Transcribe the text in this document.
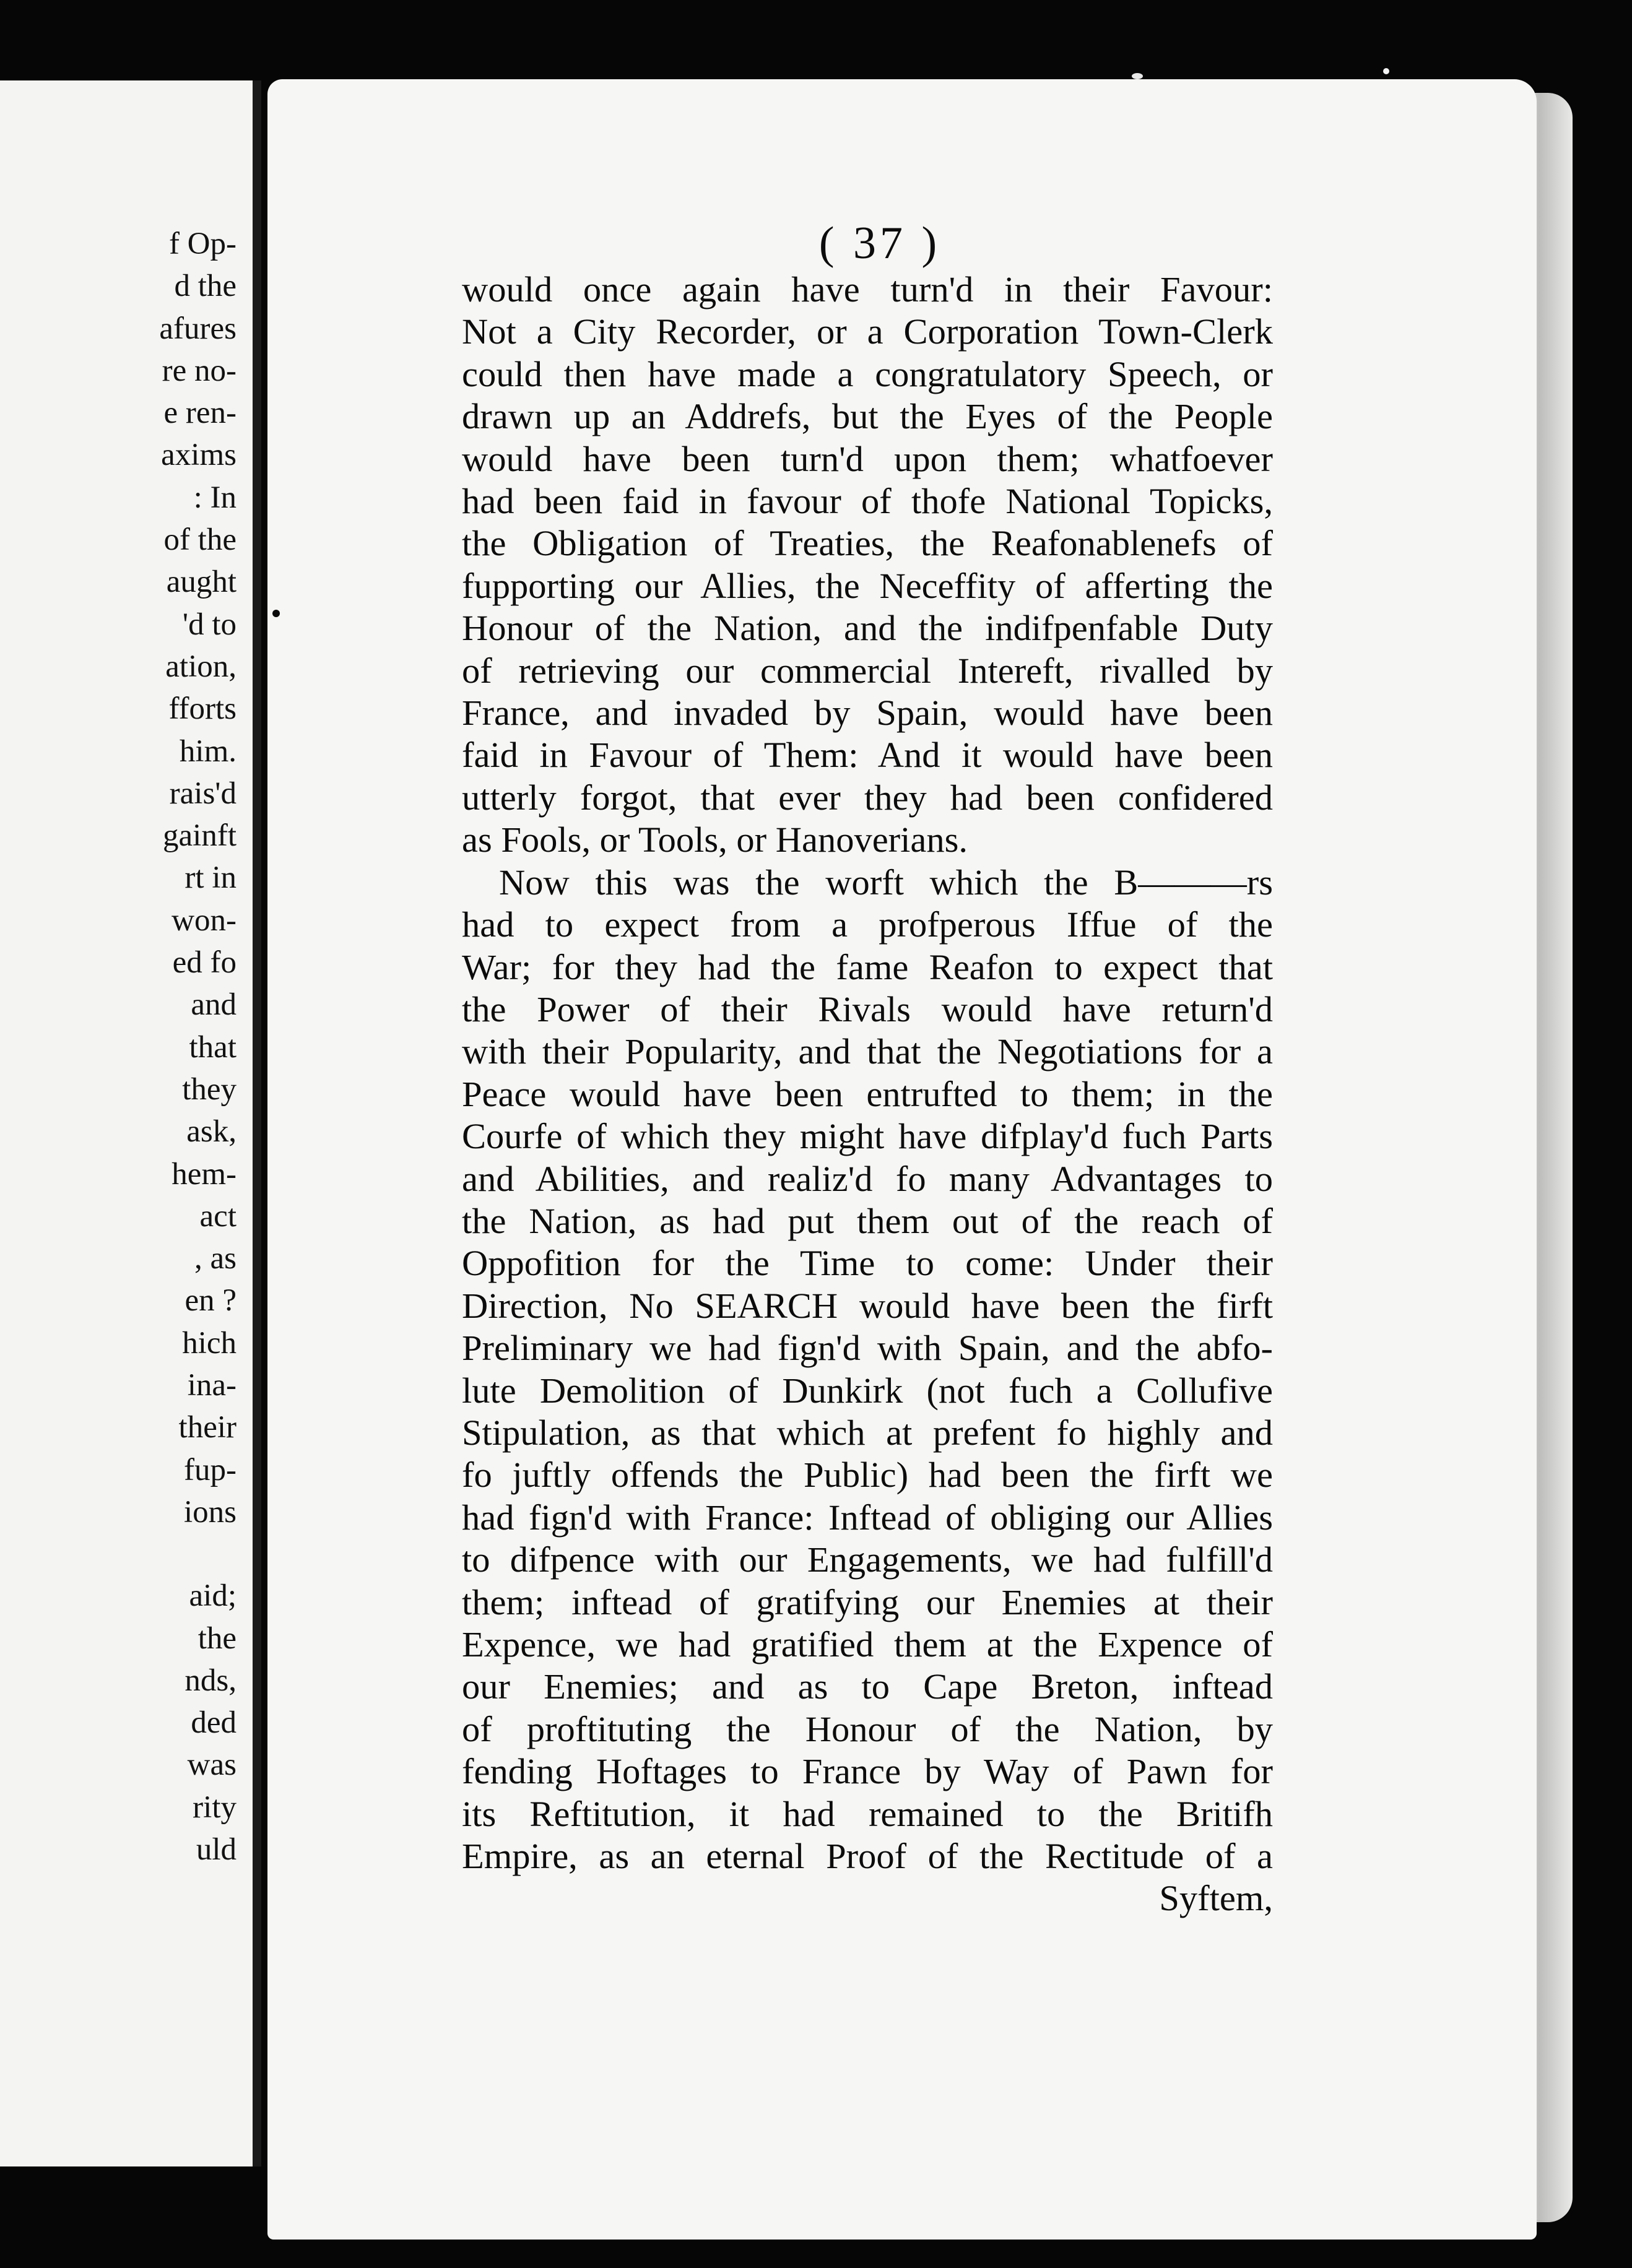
f Op-
d the
afures
re no-
e ren-
axims
: In
of the
aught
'd to
ation,
fforts
him.
rais'd
gainft
rt in
won-
ed fo
and
that
they
ask,
hem-
act
, as
en ?
hich
ina-
their
fup-
ions
aid;
the
nds,
ded
was
rity
uld
( 37 )
would once again have turn'd in their Favour:
Not a City Recorder, or a Corporation Town-Clerk
could then have made a congratulatory Speech, or
drawn up an Addrefs, but the Eyes of the People
would have been turn'd upon them; whatfoever
had been faid in favour of thofe National Topicks,
the Obligation of Treaties, the Reafonablenefs of
fupporting our Allies, the Neceffity of afferting the
Honour of the Nation, and the indifpenfable Duty
of retrieving our commercial Intereft, rivalled by
France, and invaded by Spain, would have been
faid in Favour of Them: And it would have been
utterly forgot, that ever they had been confidered
as Fools, or Tools, or Hanoverians.
Now this was the worft which the B———rs
had to expect from a profperous Iffue of the
War; for they had the fame Reafon to expect that
the Power of their Rivals would have return'd
with their Popularity, and that the Negotiations for a
Peace would have been entrufted to them; in the
Courfe of which they might have difplay'd fuch Parts
and Abilities, and realiz'd fo many Advantages to
the Nation, as had put them out of the reach of
Oppofition for the Time to come: Under their
Direction, No SEARCH would have been the firft
Preliminary we had fign'd with Spain, and the abfo-
lute Demolition of Dunkirk (not fuch a Collufive
Stipulation, as that which at prefent fo highly and
fo juftly offends the Public) had been the firft we
had fign'd with France: Inftead of obliging our Allies
to difpence with our Engagements, we had fulfill'd
them; inftead of gratifying our Enemies at their
Expence, we had gratified them at the Expence of
our Enemies; and as to Cape Breton, inftead
of proftituting the Honour of the Nation, by
fending Hoftages to France by Way of Pawn for
its Reftitution, it had remained to the Britifh
Empire, as an eternal Proof of the Rectitude of a
Syftem,
